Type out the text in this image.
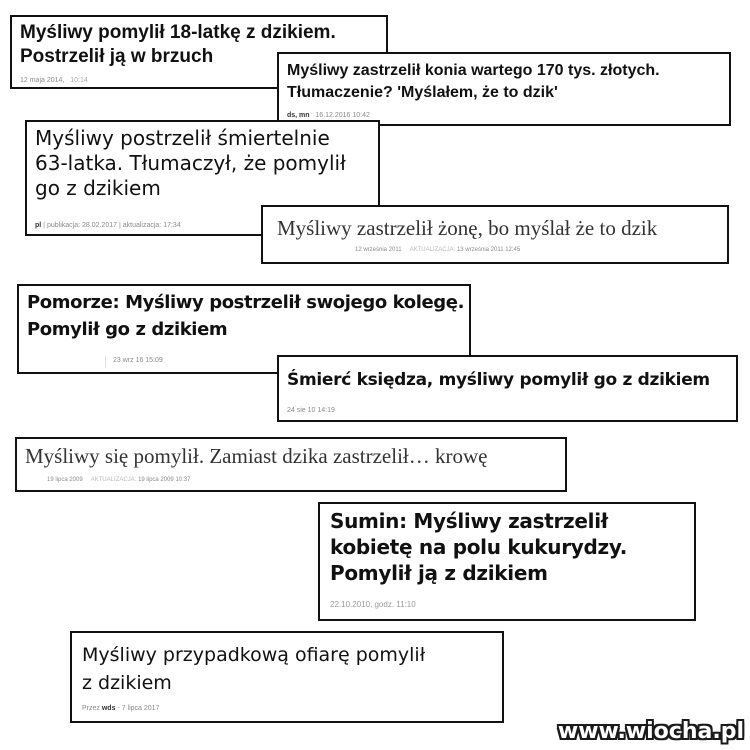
Myśliwy pomylił 18-latkę z dzikiem.
Postrzelił ją w brzuch
12 maja 2014, 10:14
Myśliwy zastrzelił konia wartego 170 tys. złotych.
Tłumaczenie? 'Myślałem, że to dzik'
ds, mn 16.12.2016 10:42
Myśliwy postrzelił śmiertelnie
63-latka. Tłumaczył, że pomylił
go z dzikiem
pl | publikacja: 28.02.2017 | aktualizacja: 17:34	Myśliwy zastrzelił żonę, bo myślał że to dzik
12 września 2011 AKTUALIZACJA: 13 września 2011 12:45
Pomorze: Myśliwy postrzelił swojego kolegę.
Pomylił go z dzikiem
23 wrz 16 15:09
Śmierć księdza, myśliwy pomylił go z dzikiem
24 sie 10 14:19
Myśliwy się pomylił. Zamiast dzika zastrzelił… krowę
19 lipca 2009 AKTUALIZACJA: 19 lipca 2009 10:37
Sumin: Myśliwy zastrzelił
kobietę na polu kukurydzy.
Pomylił ją z dzikiem
22.10.2010, godz. 11:10
Myśliwy przypadkową ofiarę pomylił
z dzikiem
Przez wds - 7 lipca 2017
www.wiocha.pl
